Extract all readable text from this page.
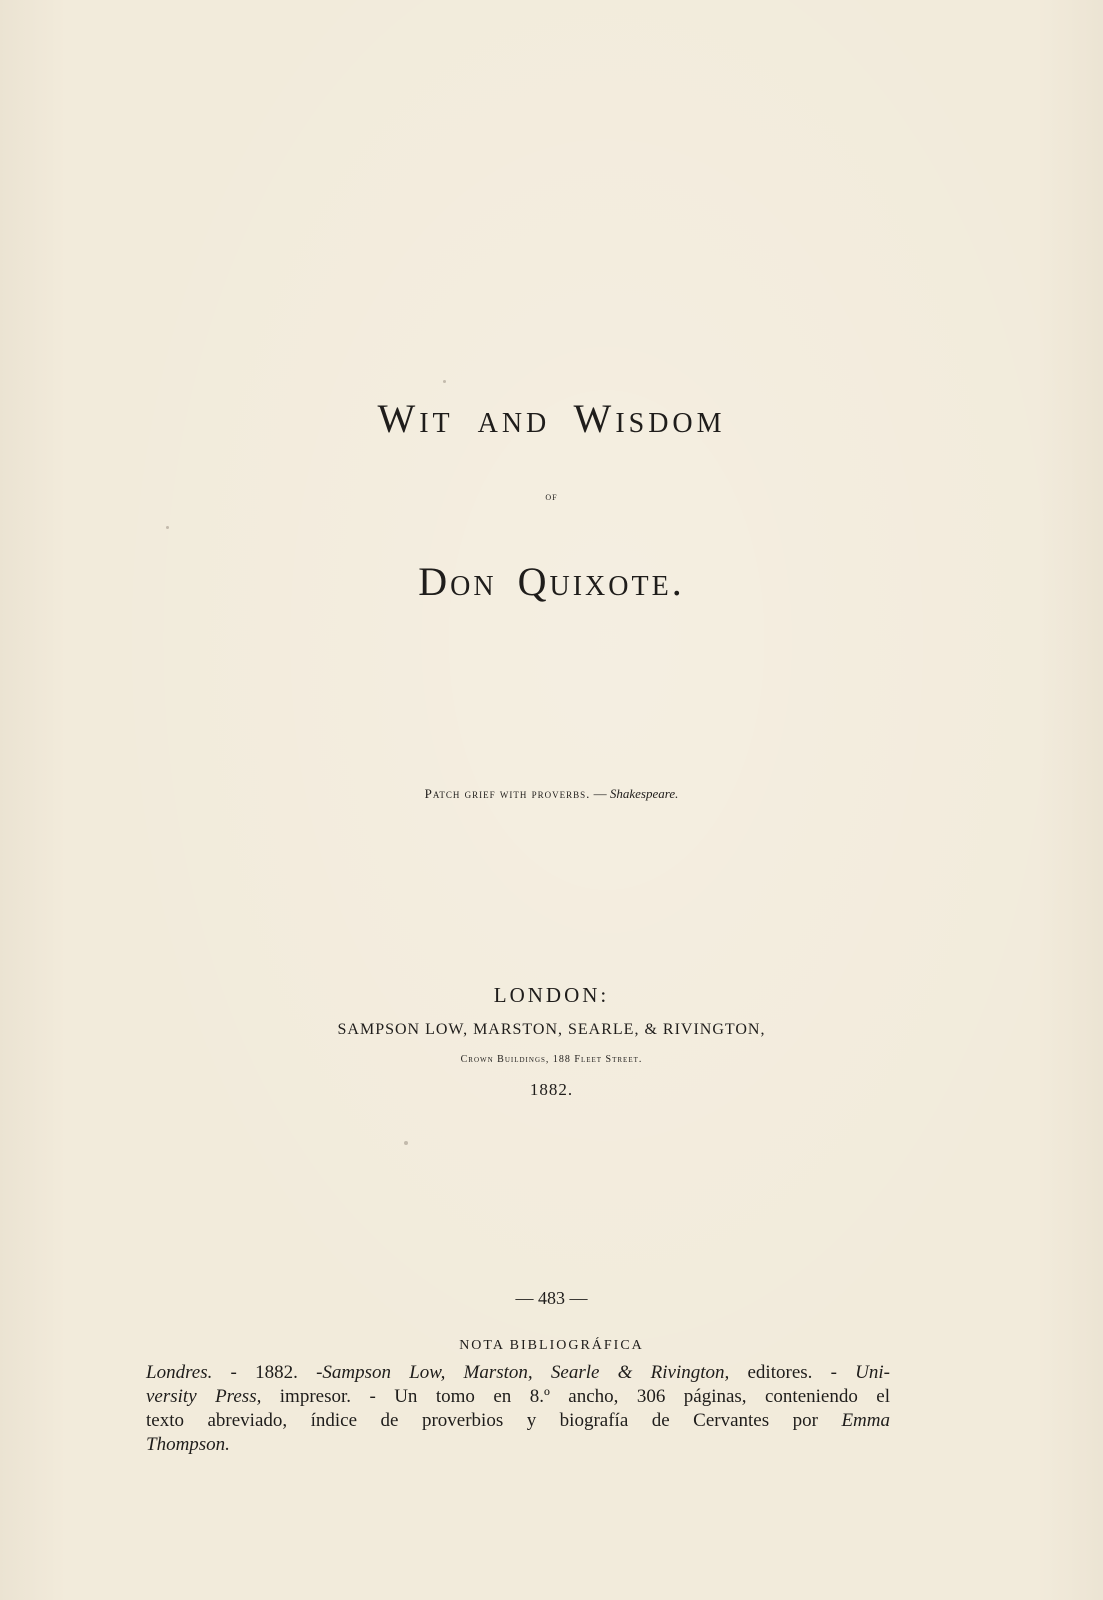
Wit and Wisdom
of
Don Quixote.
Patch grief with proverbs. — Shakespeare.
LONDON:
SAMPSON LOW, MARSTON, SEARLE, & RIVINGTON,
Crown Buildings, 188 Fleet Street.
1882.
— 483 —
NOTA BIBLIOGRÁFICA
Londres. - 1882. -Sampson Low, Marston, Searle & Rivington, editores. - Uni-
versity Press, impresor. - Un tomo en 8.º ancho, 306 páginas, conteniendo el
texto abreviado, índice de proverbios y biografía de Cervantes por Emma
Thompson.
